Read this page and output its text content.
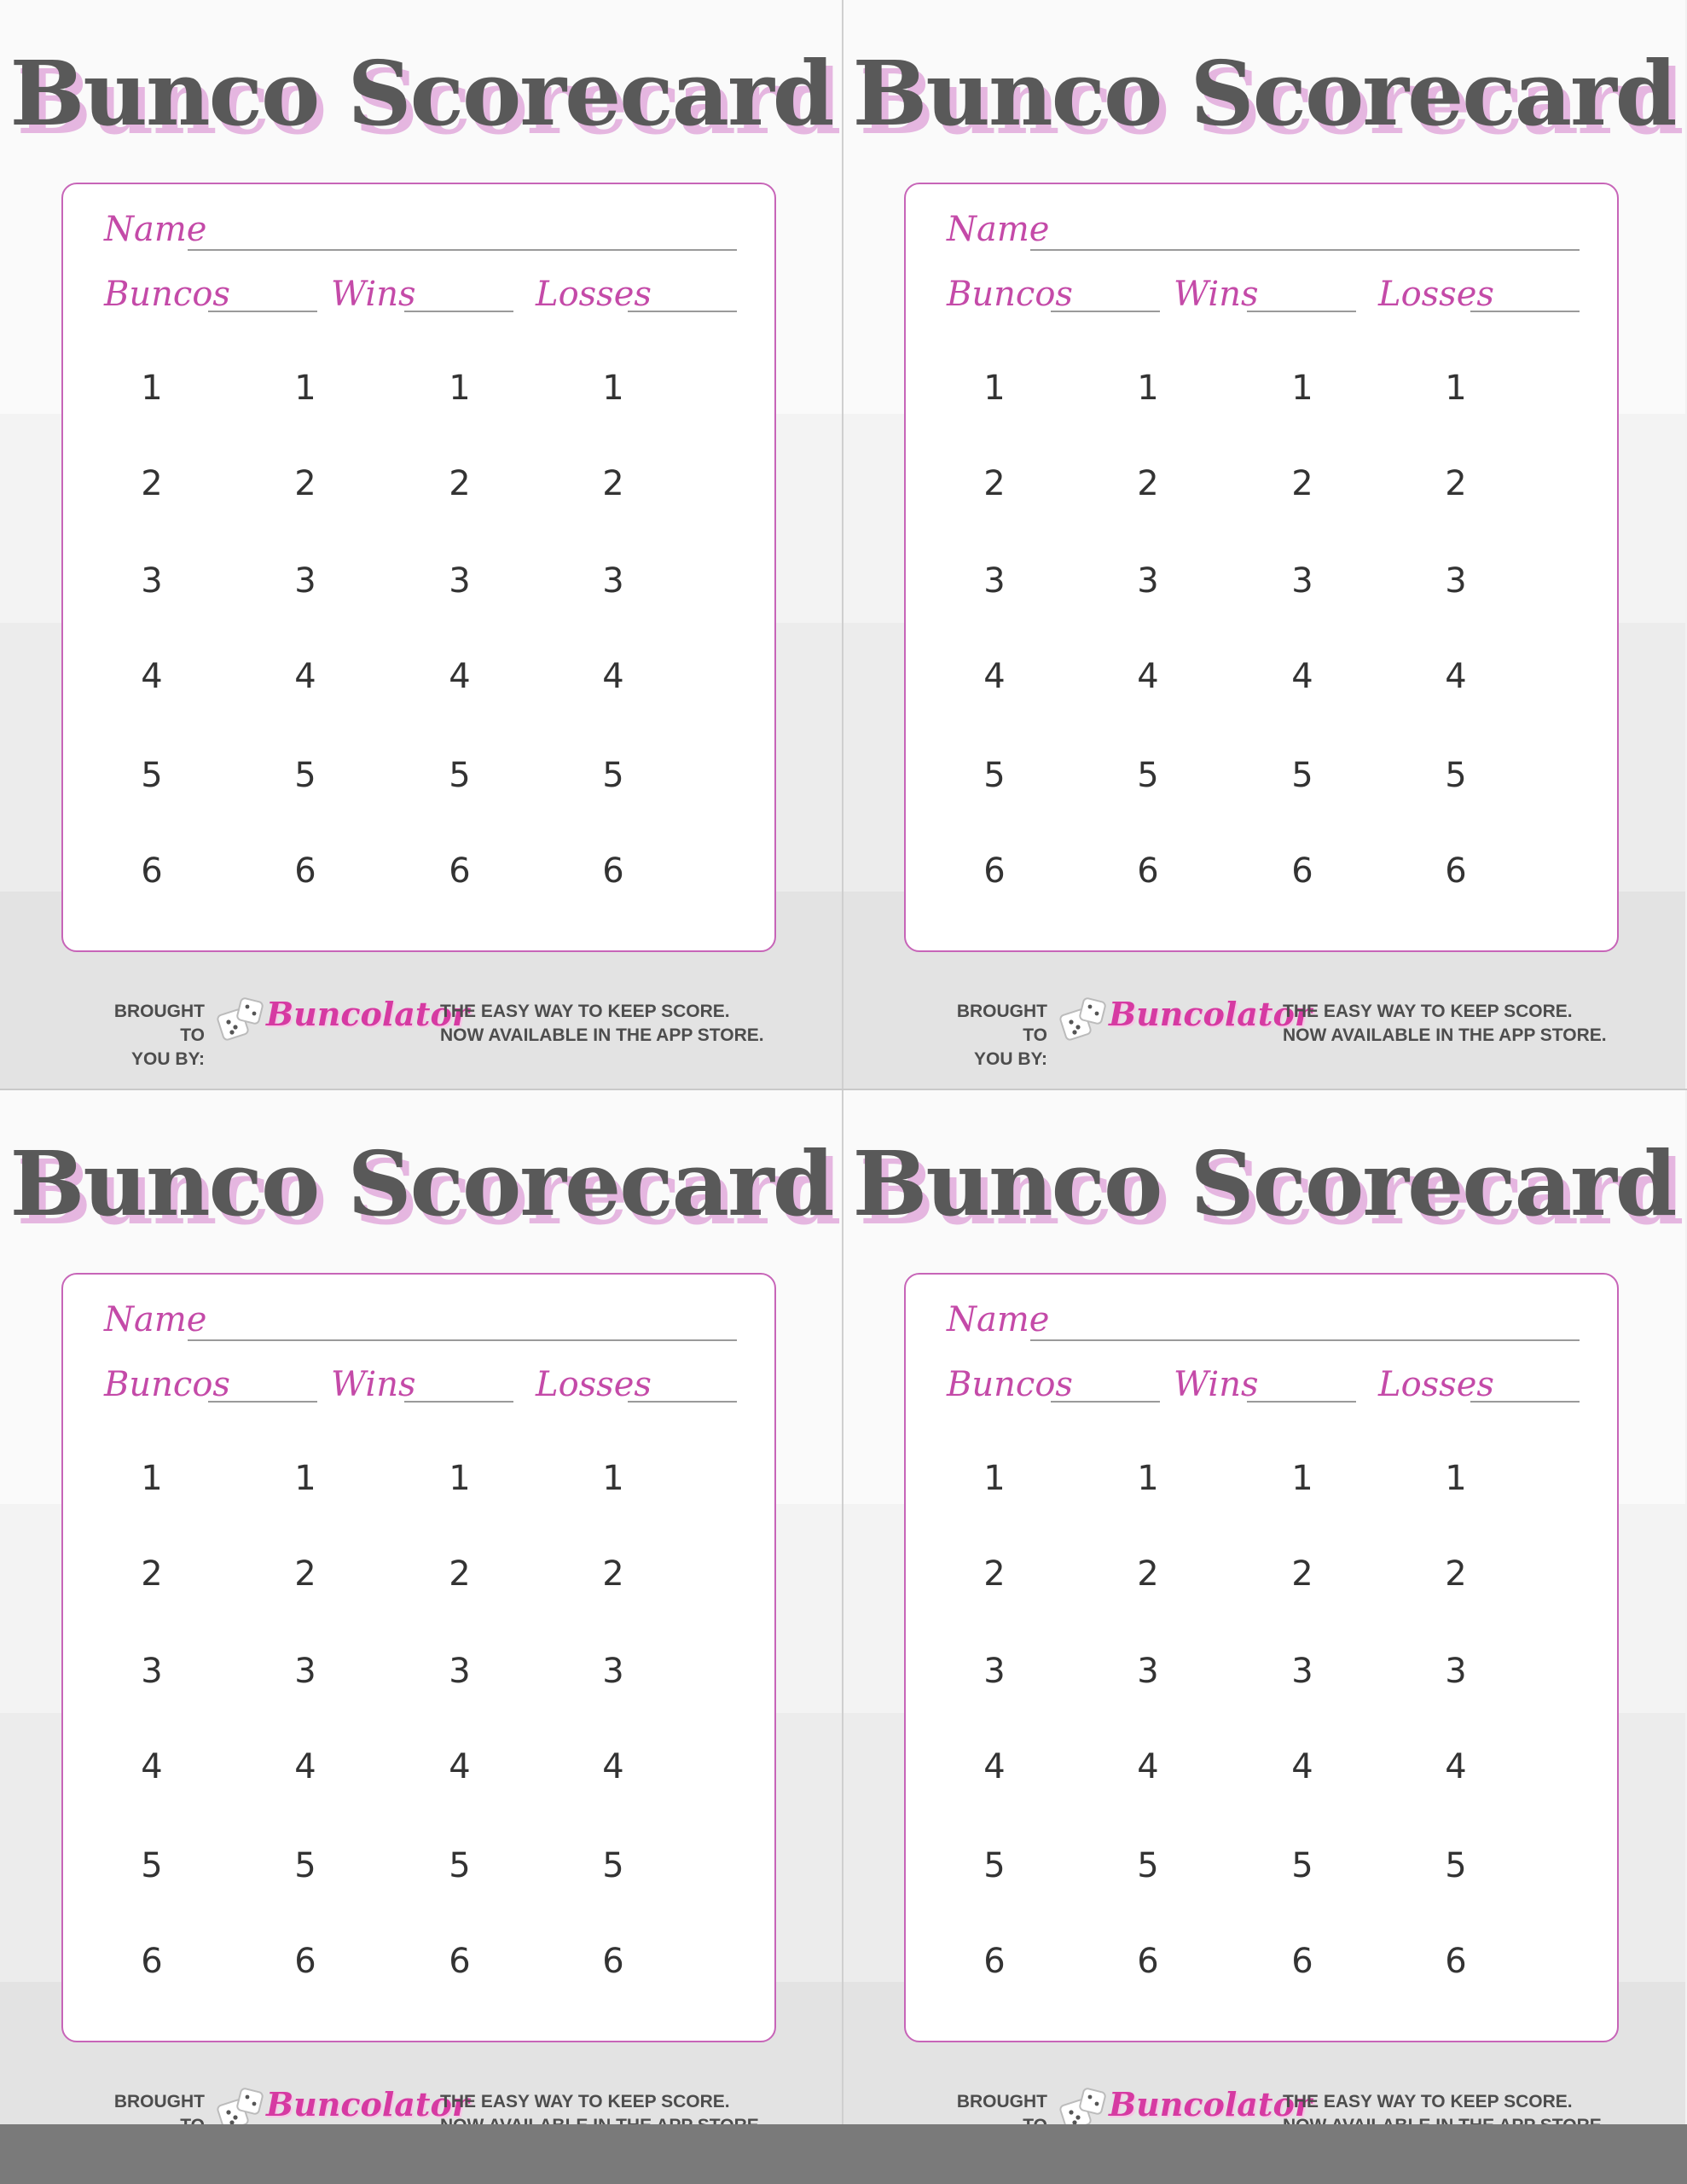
Bunco Scorecard
Name
Buncos	Wins	Losses
1	1	1	1
2	2	2	2
3	3	3	3
4	4	4	4
5	5	5	5
6	6	6	6
BROUGHT TO
YOU BY:
Buncolator
THE EASY WAY TO KEEP SCORE.
NOW AVAILABLE IN THE APP STORE.
Bunco Scorecard
Name
Buncos	Wins	Losses
1	1	1	1
2	2	2	2
3	3	3	3
4	4	4	4
5	5	5	5
6	6	6	6
BROUGHT TO
YOU BY:
Buncolator
THE EASY WAY TO KEEP SCORE.
NOW AVAILABLE IN THE APP STORE.
Bunco Scorecard
Name
Buncos	Wins	Losses
1	1	1	1
2	2	2	2
3	3	3	3
4	4	4	4
5	5	5	5
6	6	6	6
BROUGHT Buncolator
THE EASY WAY TO KEEP SCORE.
Bunco Scorecard
Name
Buncos	Wins	Losses
1	1	1	1
2	2	2	2
3	3	3	3
4	4	4	4
5	5	5	5
6	6	6	6
BROUGHT Buncolator
THE EASY WAY TO KEEP SCORE.
